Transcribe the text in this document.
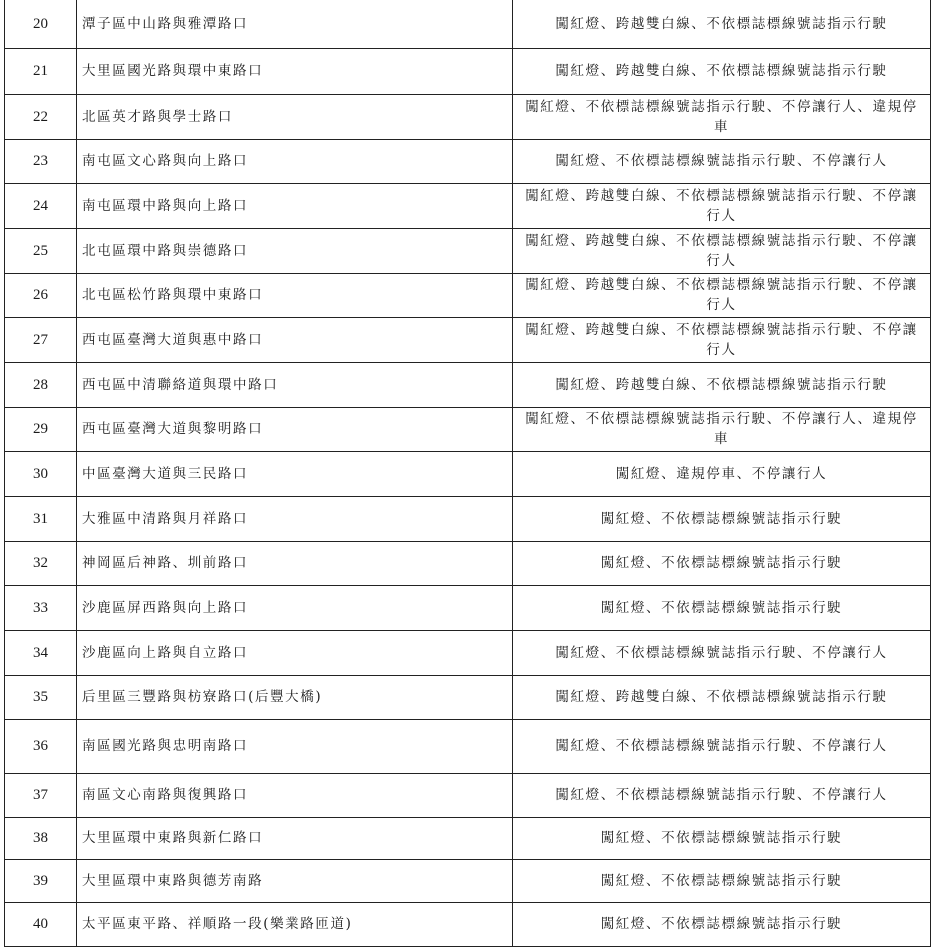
20	潭子區中山路與雅潭路口	闖紅燈、跨越雙白線、不依標誌標線號誌指示行駛
21	大里區國光路與環中東路口	闖紅燈、跨越雙白線、不依標誌標線號誌指示行駛
22	北區英才路與學士路口	闖紅燈、不依標誌標線號誌指示行駛、不停讓行人、違規停車
23	南屯區文心路與向上路口	闖紅燈、不依標誌標線號誌指示行駛、不停讓行人
24	南屯區環中路與向上路口	闖紅燈、跨越雙白線、不依標誌標線號誌指示行駛、不停讓行人
25	北屯區環中路與崇德路口	闖紅燈、跨越雙白線、不依標誌標線號誌指示行駛、不停讓行人
26	北屯區松竹路與環中東路口	闖紅燈、跨越雙白線、不依標誌標線號誌指示行駛、不停讓行人
27	西屯區臺灣大道與惠中路口	闖紅燈、跨越雙白線、不依標誌標線號誌指示行駛、不停讓行人
28	西屯區中清聯絡道與環中路口	闖紅燈、跨越雙白線、不依標誌標線號誌指示行駛
29	西屯區臺灣大道與黎明路口	闖紅燈、不依標誌標線號誌指示行駛、不停讓行人、違規停車
30	中區臺灣大道與三民路口	闖紅燈、違規停車、不停讓行人
31	大雅區中清路與月祥路口	闖紅燈、不依標誌標線號誌指示行駛
32	神岡區后神路、圳前路口	闖紅燈、不依標誌標線號誌指示行駛
33	沙鹿區屏西路與向上路口	闖紅燈、不依標誌標線號誌指示行駛
34	沙鹿區向上路與自立路口	闖紅燈、不依標誌標線號誌指示行駛、不停讓行人
35	后里區三豐路與枋寮路口(后豐大橋)	闖紅燈、跨越雙白線、不依標誌標線號誌指示行駛
36	南區國光路與忠明南路口	闖紅燈、不依標誌標線號誌指示行駛、不停讓行人
37	南區文心南路與復興路口	闖紅燈、不依標誌標線號誌指示行駛、不停讓行人
38	大里區環中東路與新仁路口	闖紅燈、不依標誌標線號誌指示行駛
39	大里區環中東路與德芳南路	闖紅燈、不依標誌標線號誌指示行駛
40	太平區東平路、祥順路一段(樂業路匝道)	闖紅燈、不依標誌標線號誌指示行駛
